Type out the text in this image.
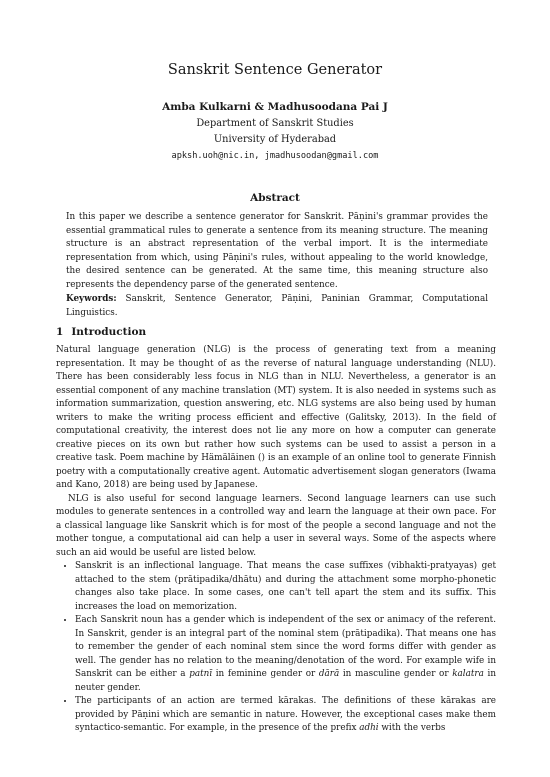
Sanskrit Sentence Generator
Amba Kulkarni & Madhusoodana Pai J
Department of Sanskrit Studies
University of Hyderabad
apksh.uoh@nic.in, jmadhusoodan@gmail.com
Abstract

In this paper we describe a sentence generator for Sanskrit. Pāṇini's grammar provides the essential grammatical rules to generate a sentence from its meaning structure. The meaning structure is an abstract representation of the verbal import. It is the intermediate representation from which, using Pāṇini's rules, without appealing to the world knowledge, the desired sentence can be generated. At the same time, this meaning structure also represents the dependency parse of the generated sentence.

Keywords: Sanskrit, Sentence Generator, Pāṇini, Paninian Grammar, Computational Linguistics.

1 Introduction

Natural language generation (NLG) is the process of generating text from a meaning representation. It may be thought of as the reverse of natural language understanding (NLU). There has been considerably less focus in NLG than in NLU. Nevertheless, a generator is an essential component of any machine translation (MT) system. It is also needed in systems such as information summarization, question answering, etc. NLG systems are also being used by human writers to make the writing process efficient and effective (Galitsky, 2013). In the field of computational creativity, the interest does not lie any more on how a computer can generate creative pieces on its own but rather how such systems can be used to assist a person in a creative task. Poem machine by Hämäläinen () is an example of an online tool to generate Finnish poetry with a computationally creative agent. Automatic advertisement slogan generators (Iwama and Kano, 2018) are being used by Japanese.

NLG is also useful for second language learners. Second language learners can use such modules to generate sentences in a controlled way and learn the language at their own pace. For a classical language like Sanskrit which is for most of the people a second language and not the mother tongue, a computational aid can help a user in several ways. Some of the aspects where such an aid would be useful are listed below.

• Sanskrit is an inflectional language. That means the case suffixes (vibhakti-pratyayas) get attached to the stem (prātipadika/dhātu) and during the attachment some morpho-phonetic changes also take place. In some cases, one can't tell apart the stem and its suffix. This increases the load on memorization.
• Each Sanskrit noun has a gender which is independent of the sex or animacy of the referent. In Sanskrit, gender is an integral part of the nominal stem (prātipadika). That means one has to remember the gender of each nominal stem since the word forms differ with gender as well. The gender has no relation to the meaning/denotation of the word. For example wife in Sanskrit can be either a patnī in feminine gender or dārā in masculine gender or kalatra in neuter gender.
• The participants of an action are termed kārakas. The definitions of these kārakas are provided by Pāṇini which are semantic in nature. However, the exceptional cases make them syntactico-semantic. For example, in the presence of the prefix adhi with the verbs
